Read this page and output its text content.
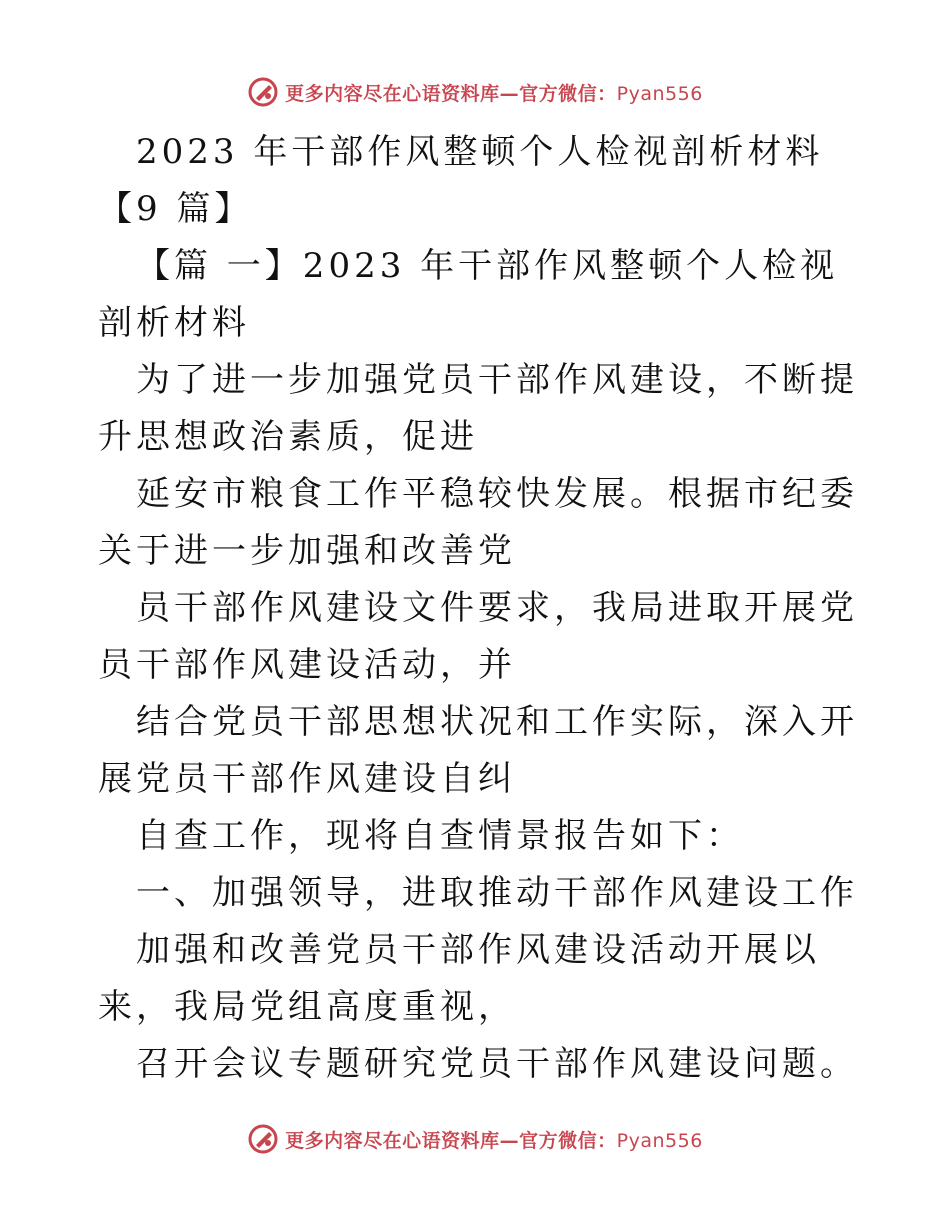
更多内容尽在心语资料库—官方微信：Pyan556

2023 年干部作风整顿个人检视剖析材料【9 篇】

【篇 一】2023 年干部作风整顿个人检视剖析材料

为了进一步加强党员干部作风建设，不断提升思想政治素质，促进

延安市粮食工作平稳较快发展。根据市纪委关于进一步加强和改善党

员干部作风建设文件要求，我局进取开展党员干部作风建设活动，并

结合党员干部思想状况和工作实际，深入开展党员干部作风建设自纠

自查工作，现将自查情景报告如下：

一、加强领导，进取推动干部作风建设工作

加强和改善党员干部作风建设活动开展以来，我局党组高度重视，

召开会议专题研究党员干部作风建设问题。

更多内容尽在心语资料库—官方微信：Pyan556
